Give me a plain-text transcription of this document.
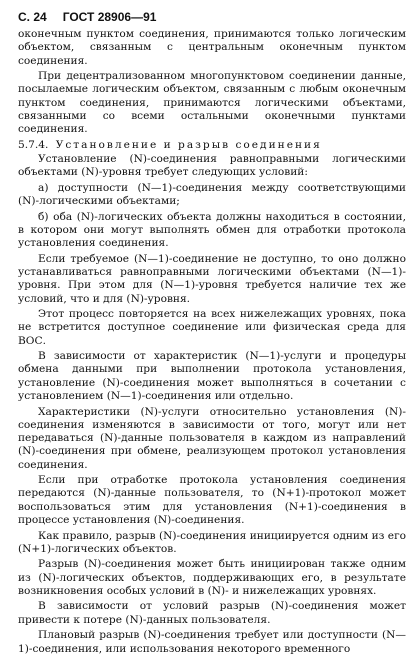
С. 24 ГОСТ 28906—91

оконечным пунктом соединения, принимаются только логическим объектом, связанным с центральным оконечным пунктом соединения.

При децентрализованном многопунктовом соединении данные, посылаемые логическим объектом, связанным с любым оконечным пунктом соединения, принимаются логическими объектами, связанными со всеми остальными оконечными пунктами соединения.

5.7.4. Установление и разрыв соединения

Установление (N)-соединения равноправными логическими объектами (N)-уровня требует следующих условий:

а) доступности (N—1)-соединения между соответствующими (N)-логическими объектами;

б) оба (N)-логических объекта должны находиться в состоянии, в котором они могут выполнять обмен для отработки протокола установления соединения.

Если требуемое (N—1)-соединение не доступно, то оно должно устанавливаться равноправными логическими объектами (N—1)-уровня. При этом для (N—1)-уровня требуется наличие тех же условий, что и для (N)-уровня.

Этот процесс повторяется на всех нижележащих уровнях, пока не встретится доступное соединение или физическая среда для ВОС.

В зависимости от характеристик (N—1)-услуги и процедуры обмена данными при выполнении протокола установления, установление (N)-соединения может выполняться в сочетании с установлением (N—1)-соединения или отдельно.

Характеристики (N)-услуги относительно установления (N)-соединения изменяются в зависимости от того, могут или нет передаваться (N)-данные пользователя в каждом из направлений (N)-соединения при обмене, реализующем протокол установления соединения.

Если при отработке протокола установления соединения передаются (N)-данные пользователя, то (N+1)-протокол может воспользоваться этим для установления (N+1)-соединения в процессе установления (N)-соединения.

Как правило, разрыв (N)-соединения инициируется одним из его (N+1)-логических объектов.

Разрыв (N)-соединения может быть инициирован также одним из (N)-логических объектов, поддерживающих его, в результате возникновения особых условий в (N)- и нижележащих уровнях.

В зависимости от условий разрыв (N)-соединения может привести к потере (N)-данных пользователя.

Плановый разрыв (N)-соединения требует или доступности (N—1)-соединения, или использования некоторого временного
